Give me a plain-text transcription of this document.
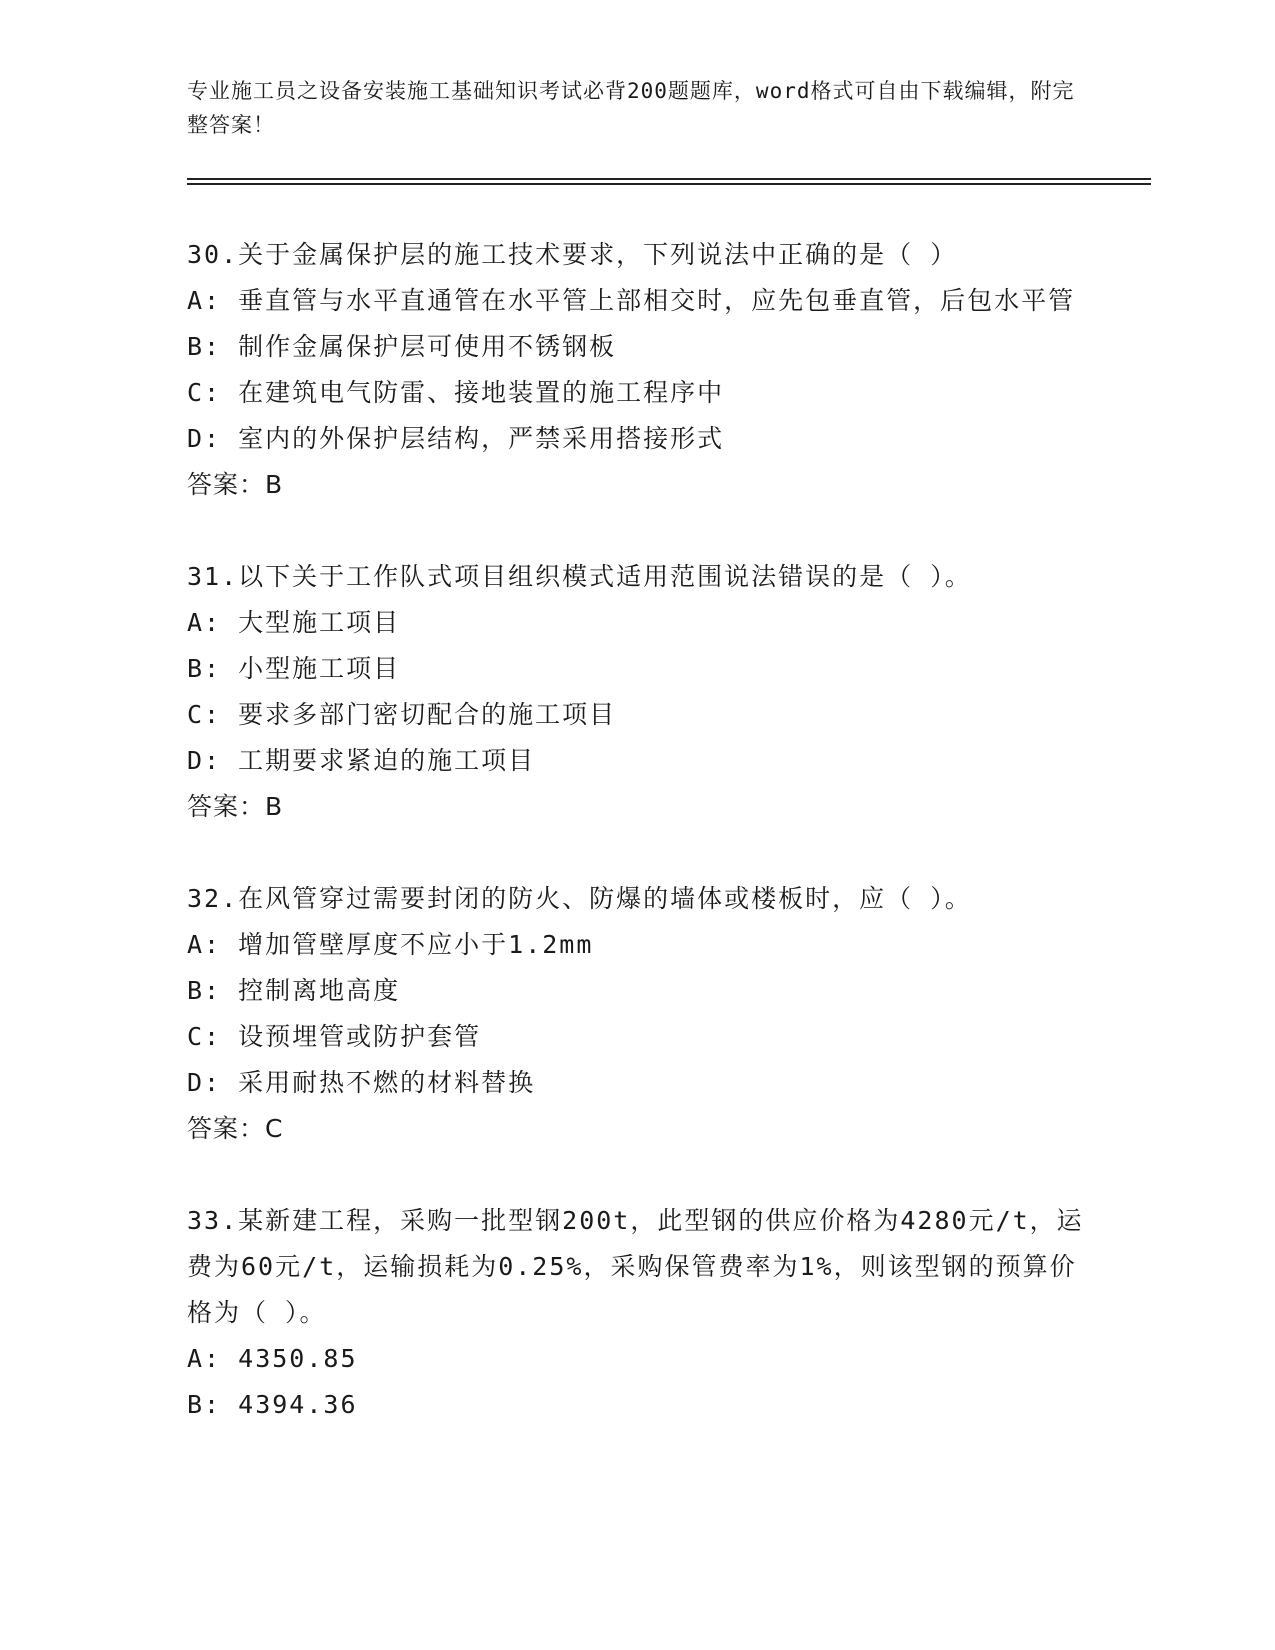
专业施工员之设备安装施工基础知识考试必背200题题库，word格式可自由下载编辑，附完整答案！
30.关于金属保护层的施工技术要求，下列说法中正确的是（ ）
A: 垂直管与水平直通管在水平管上部相交时，应先包垂直管，后包水平管
B: 制作金属保护层可使用不锈钢板
C: 在建筑电气防雷、接地装置的施工程序中
D: 室内的外保护层结构，严禁采用搭接形式
答案：B
31.以下关于工作队式项目组织模式适用范围说法错误的是（ ）。
A: 大型施工项目
B: 小型施工项目
C: 要求多部门密切配合的施工项目
D: 工期要求紧迫的施工项目
答案：B
32.在风管穿过需要封闭的防火、防爆的墙体或楼板时，应（ ）。
A: 增加管壁厚度不应小于1.2mm
B: 控制离地高度
C: 设预埋管或防护套管
D: 采用耐热不燃的材料替换
答案：C
33.某新建工程，采购一批型钢200t，此型钢的供应价格为4280元/t，运费为60元/t，运输损耗为0.25%，采购保管费率为1%，则该型钢的预算价格为（ ）。
A: 4350.85
B: 4394.36
